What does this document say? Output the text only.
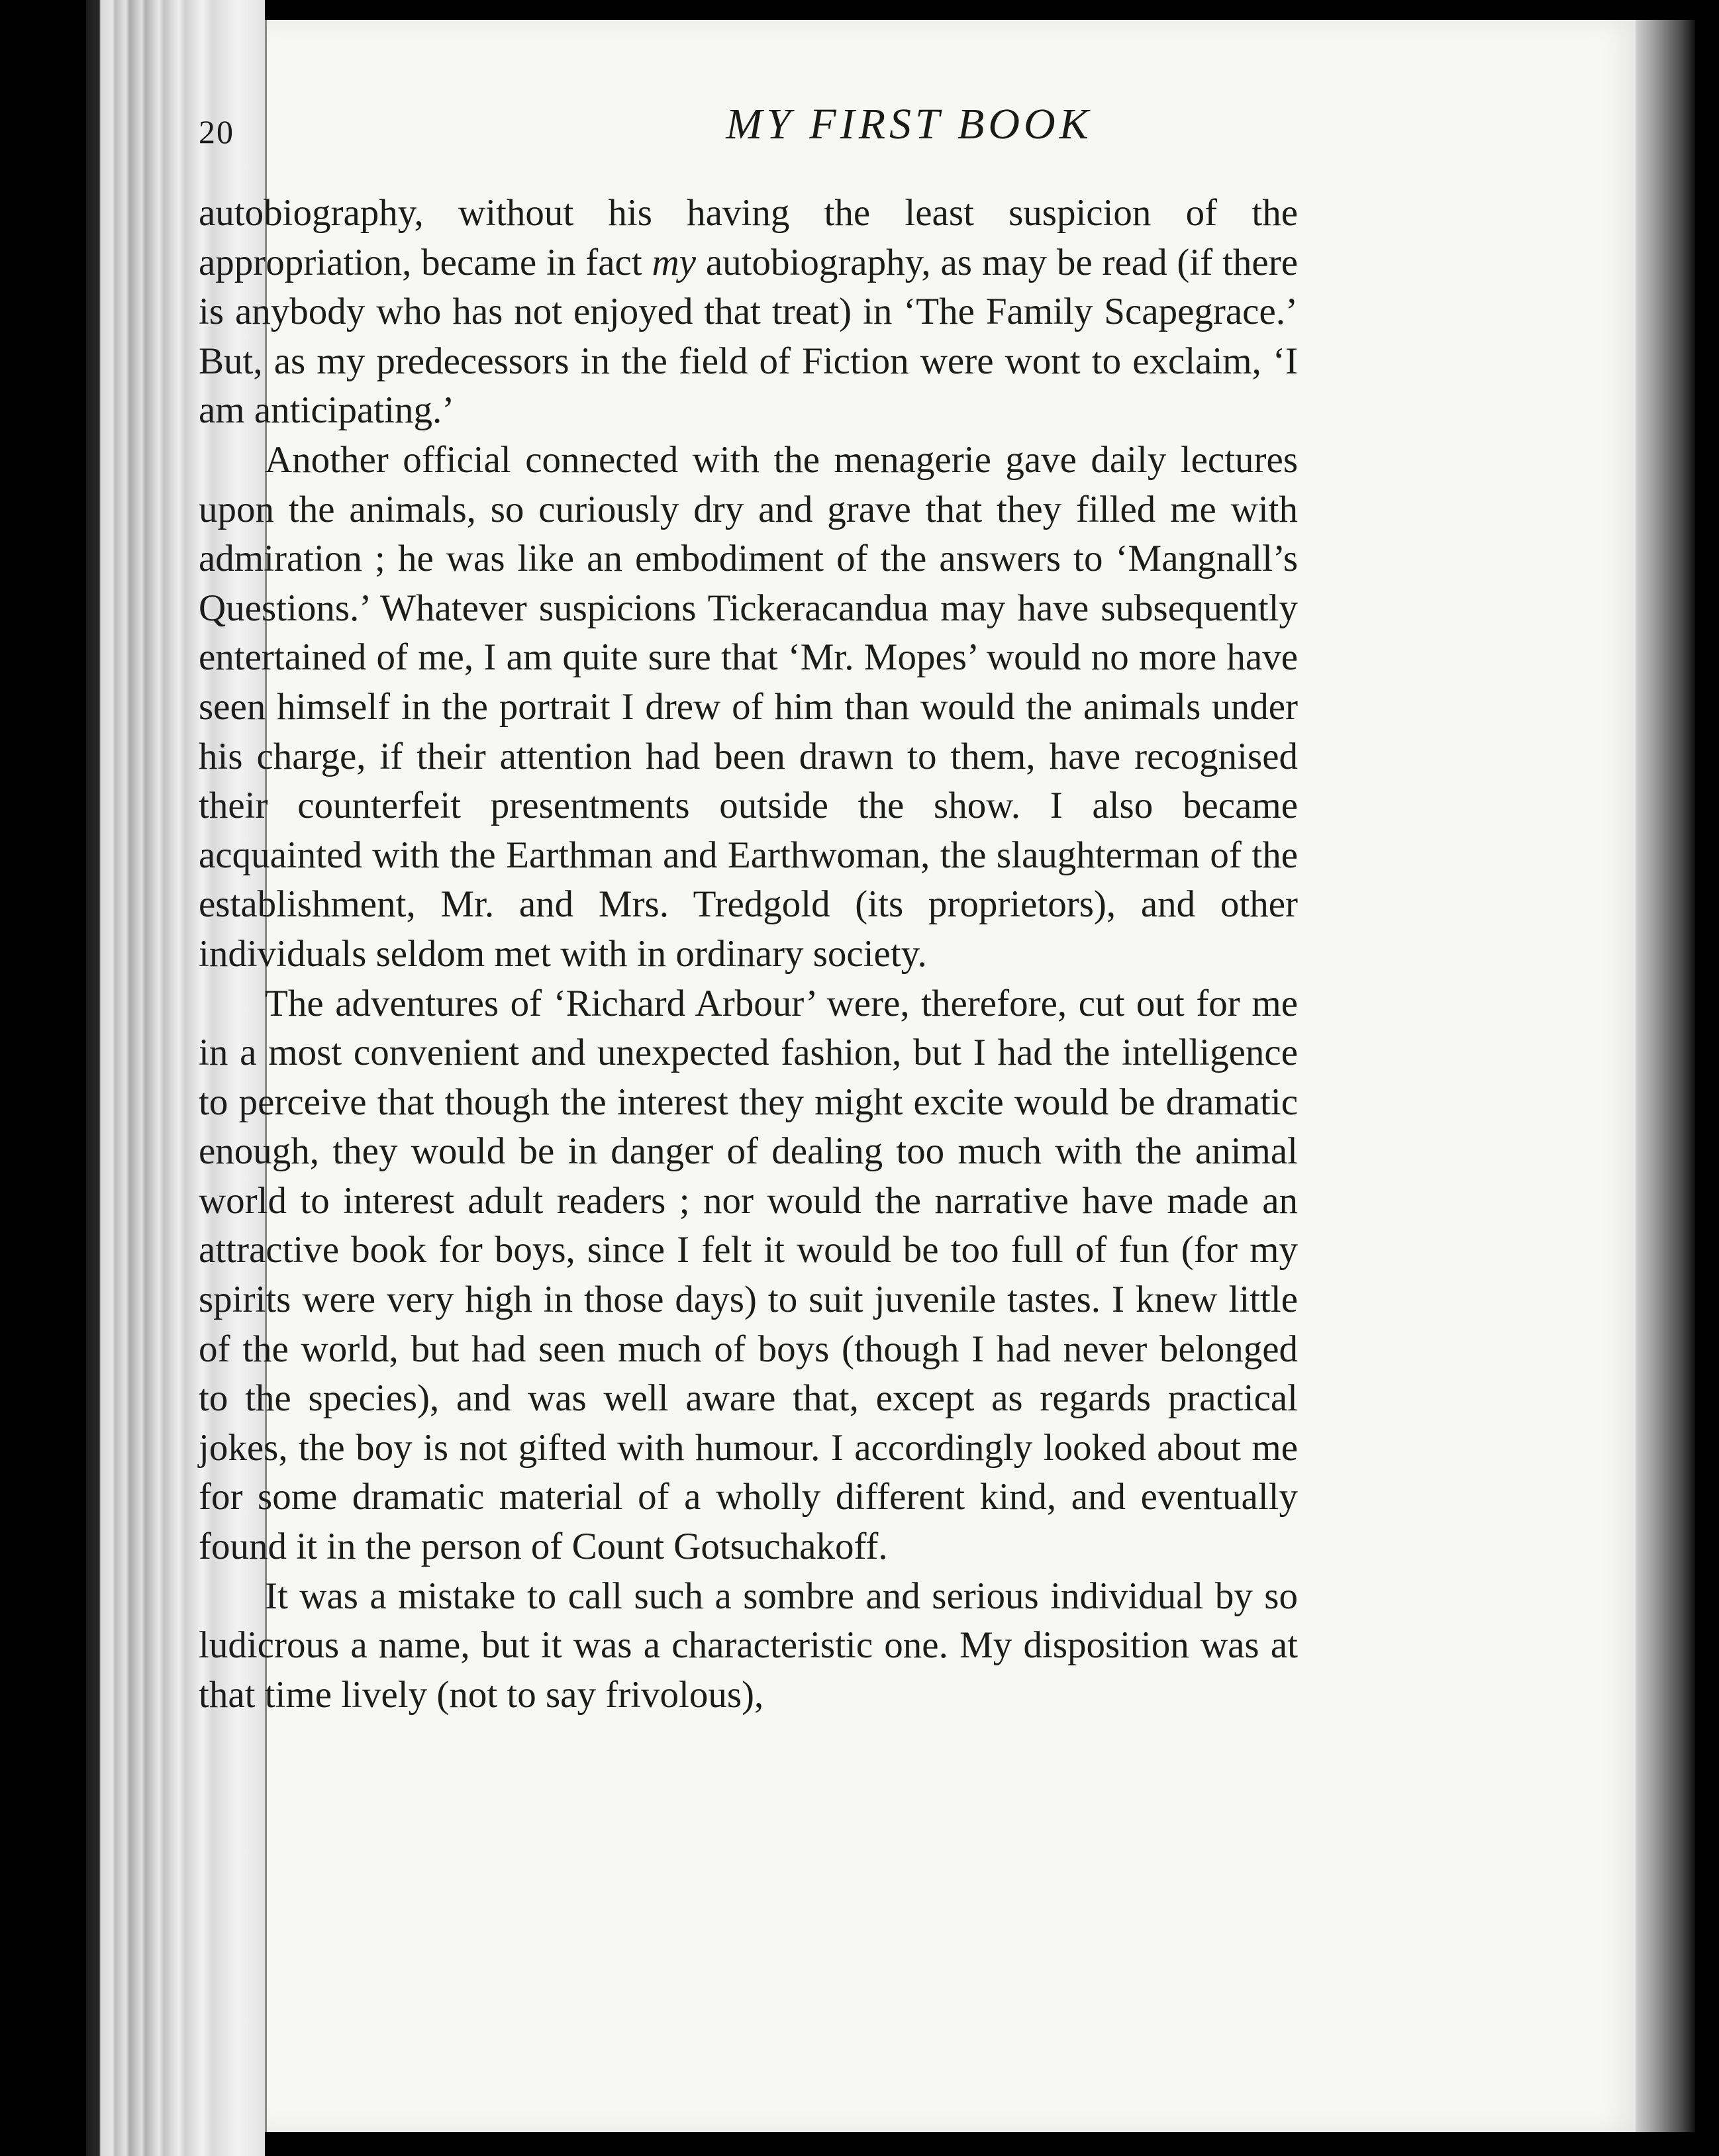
20	MY FIRST BOOK

autobiography, without his having the least suspicion of the appropriation, became in fact my autobiography, as may be read (if there is anybody who has not enjoyed that treat) in ‘The Family Scapegrace.’ But, as my predecessors in the field of Fiction were wont to exclaim, ‘I am anticipating.’

Another official connected with the menagerie gave daily lectures upon the animals, so curiously dry and grave that they filled me with admiration ; he was like an embodiment of the answers to ‘Mangnall’s Questions.’ Whatever suspicions Tickeracandua may have subsequently entertained of me, I am quite sure that ‘Mr. Mopes’ would no more have seen himself in the portrait I drew of him than would the animals under his charge, if their attention had been drawn to them, have recognised their counterfeit presentments outside the show. I also became acquainted with the Earthman and Earthwoman, the slaughterman of the establishment, Mr. and Mrs. Tredgold (its proprietors), and other individuals seldom met with in ordinary society.

The adventures of ‘Richard Arbour’ were, therefore, cut out for me in a most convenient and unexpected fashion, but I had the intelligence to perceive that though the interest they might excite would be dramatic enough, they would be in danger of dealing too much with the animal world to interest adult readers ; nor would the narrative have made an attractive book for boys, since I felt it would be too full of fun (for my spirits were very high in those days) to suit juvenile tastes. I knew little of the world, but had seen much of boys (though I had never belonged to the species), and was well aware that, except as regards practical jokes, the boy is not gifted with humour. I accordingly looked about me for some dramatic material of a wholly different kind, and eventually found it in the person of Count Gotsuchakoff.

It was a mistake to call such a sombre and serious individual by so ludicrous a name, but it was a characteristic one. My disposition was at that time lively (not to say frivolous),
